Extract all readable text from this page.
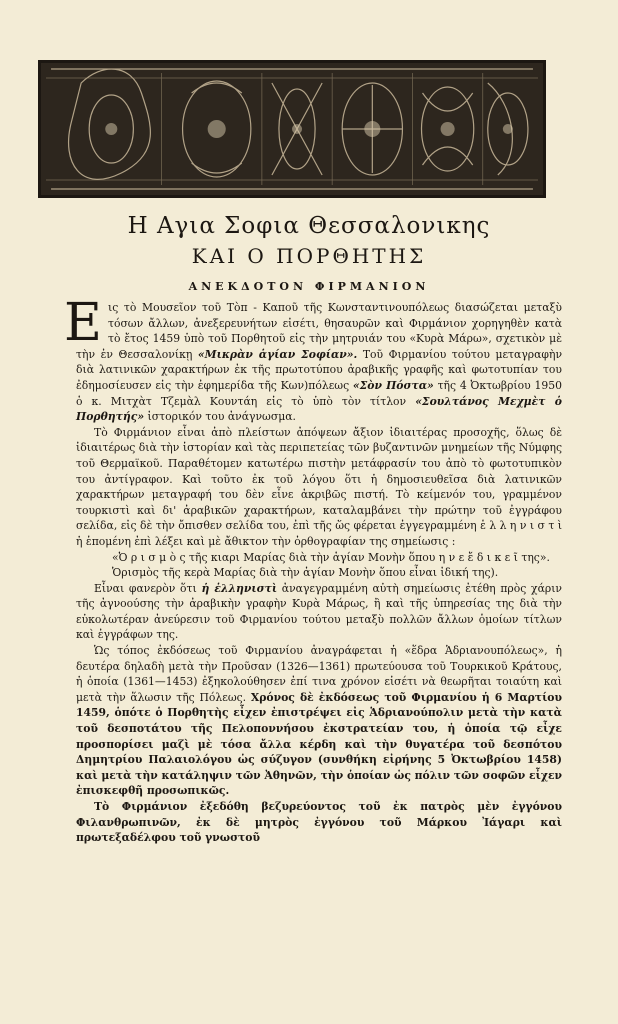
Η Αγια Σοφια Θεσσαλονικης
ΚΑΙ Ο ΠΟΡΘΗΤΗΣ
ΑΝΕΚΔΟΤΟΝ ΦΙΡΜΑΝΙΟΝ

Ε ις τὸ Μουσεῖον τοῦ Τὸπ - Καποῦ τῆς Κωνσταντινουπόλεως διασώζεται μεταξὺ τόσων ἄλλων, ἀνεξερευνήτων εἰσέτι, θησαυρῶν καὶ Φιρμάνιον χορηγηθὲν κατὰ τὸ ἔτος 1459 ὑπὸ τοῦ Πορθητοῦ εἰς τὴν μητρυιάν του «Κυρὰ Μάρω», σχετικὸν μὲ τὴν ἐν Θεσσαλονίκῃ «Μικρὰν ἁγίαν Σοφίαν». Τοῦ Φιρμανίου τούτου μεταγραφὴν διὰ λατινικῶν χαρακτήρων ἐκ τῆς πρωτοτύπου ἀραβικῆς γραφῆς καὶ φωτοτυπίαν του ἐδημοσίευσεν εἰς τὴν ἐφημερίδα τῆς Κων)πόλεως «Σὸν Πόστα» τῆς 4 Ὀκτωβρίου 1950 ὁ κ. Μιτχὰτ Τζεμὰλ Κουντάη εἰς τὸ ὑπὸ τὸν τίτλον «Σουλτάνος Μεχμὲτ ὁ Πορθητής» ἱστορικόν του ἀνάγνωσμα.

Τὸ Φιρμάνιον εἶναι ἀπὸ πλείστων ἀπόψεων ἄξιον ἰδιαιτέρας προσοχῆς, ὅλως δὲ ἰδιαιτέρως διὰ τὴν ἱστορίαν καὶ τὰς περιπετείας τῶν βυζαντινῶν μνημείων τῆς Νύμφης τοῦ Θερμαϊκοῦ. Παραθέτομεν κατωτέρω πιστὴν μετάφρασίν του ἀπὸ τὸ φωτοτυπικὸν του ἀντίγραφον. Καὶ τοῦτο ἐκ τοῦ λόγου ὅτι ἡ δημοσιευθεῖσα διὰ λατινικῶν χαρακτήρων μεταγραφή του δὲν εἶνε ἀκριβῶς πιστή. Τὸ κείμενόν του, γραμμένον τουρκιστὶ καὶ δι' ἀραβικῶν χαρακτήρων, καταλαμβάνει τὴν πρώτην τοῦ ἐγγράφου σελίδα, εἰς δὲ τὴν ὄπισθεν σελίδα του, ἐπὶ τῆς ὥς φέρεται ἐγγεγραμμένη ἑ λ λ η ν ι σ τ ὶ ἡ ἑπομένη ἐπὶ λέξει καὶ μὲ ἄθικτον τὴν ὀρθογραφίαν της σημείωσις :

«Ὀ ρ ι σ μ ὸ ς τῆς κιαρι Μαρίας διὰ τὴν ἁγίαν Μονὴν ὅπου η ν ε ἔ δ ι κ ε ῖ της».

Ὁρισμὸς τῆς κερὰ Μαρίας διὰ τὴν ἁγίαν Μονὴν ὅπου εἶναι ἰδική της).

Εἶναι φανερὸν ὅτι ἡ ἑλληνιστὶ ἀναγεγραμμένη αὐτὴ σημείωσις ἐτέθη πρὸς χάριν τῆς ἀγνοούσης τὴν ἀραβικὴν γραφὴν Κυρὰ Μάρως, ἢ καὶ τῆς ὑπηρεσίας της διὰ τὴν εὐκολωτέραν ἀνεύρεσιν τοῦ Φιρμανίου τούτου μεταξὺ πολλῶν ἄλλων ὁμοίων τίτλων καὶ ἐγγράφων της.

Ὡς τόπος ἐκδόσεως τοῦ Φιρμανίου ἀναγράφεται ἡ «ἕδρα Ἁδριανουπόλεως», ἡ δευτέρα δηλαδὴ μετὰ τὴν Προῦσαν (1326—1361) πρωτεύουσα τοῦ Τουρκικοῦ Κράτους, ἡ ὁποία (1361—1453) ἐξηκολούθησεν ἐπί τινα χρόνον εἰσέτι νὰ θεωρῆται τοιαύτη καὶ μετὰ τὴν ἅλωσιν τῆς Πόλεως. Χρόνος δὲ ἐκδόσεως τοῦ Φιρμανίου ἡ 6 Μαρτίου 1459, ὁπότε ὁ Πορθητὴς εἶχεν ἐπιστρέψει εἰς Ἁδριανούπολιν μετὰ τὴν κατὰ τοῦ δεσποτάτου τῆς Πελοποννήσου ἐκστρατείαν του, ἡ ὁποία τῷ εἶχε προσπορίσει μαζὶ μὲ τόσα ἄλλα κέρδη καὶ τὴν θυγατέρα τοῦ δεσπότου Δημητρίου Παλαιολόγου ὡς σύζυγον (συνθήκη εἰρήνης 5 Ὀκτωβρίου 1458) καὶ μετὰ τὴν κατάληψιν τῶν Ἀθηνῶν, τὴν ὁποίαν ὡς πόλιν τῶν σοφῶν εἶχεν ἐπισκεφθῆ προσωπικῶς.

Τὸ Φιρμάνιον ἐξεδόθη βεζυρεύοντος τοῦ ἐκ πατρὸς μὲν ἐγγόνου Φιλανθρωπινῶν, ἐκ δὲ μητρὸς ἐγγόνου τοῦ Μάρκου Ἰάγαρι καὶ πρωτεξαδέλφου τοῦ γνωστοῦ
